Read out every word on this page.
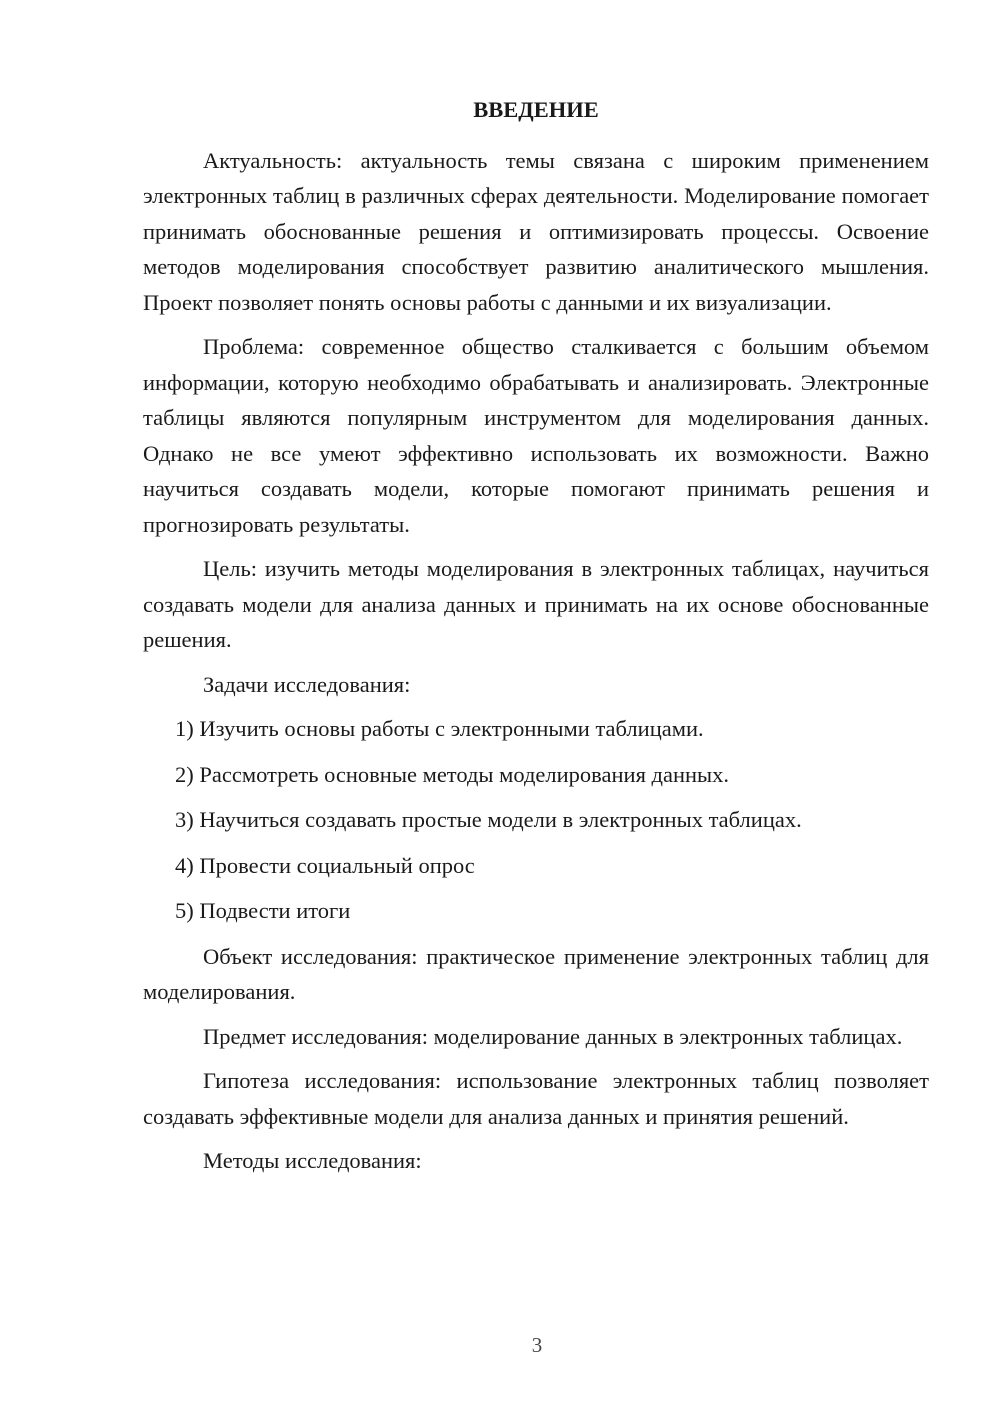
ВВЕДЕНИЕ

Актуальность: актуальность темы связана с широким применением электронных таблиц в различных сферах деятельности. Моделирование помогает принимать обоснованные решения и оптимизировать процессы. Освоение методов моделирования способствует развитию аналитического мышления. Проект позволяет понять основы работы с данными и их визуализации.

Проблема: современное общество сталкивается с большим объемом информации, которую необходимо обрабатывать и анализировать. Электронные таблицы являются популярным инструментом для моделирования данных. Однако не все умеют эффективно использовать их возможности. Важно научиться создавать модели, которые помогают принимать решения и прогнозировать результаты.

Цель: изучить методы моделирования в электронных таблицах, научиться создавать модели для анализа данных и принимать на их основе обоснованные решения.

Задачи исследования:

1) Изучить основы работы с электронными таблицами.
2) Рассмотреть основные методы моделирования данных.
3) Научиться создавать простые модели в электронных таблицах.
4) Провести социальный опрос
5) Подвести итоги

Объект исследования: практическое применение электронных таблиц для моделирования.

Предмет исследования: моделирование данных в электронных таблицах.

Гипотеза исследования: использование электронных таблиц позволяет создавать эффективные модели для анализа данных и принятия решений.

Методы исследования:

3
